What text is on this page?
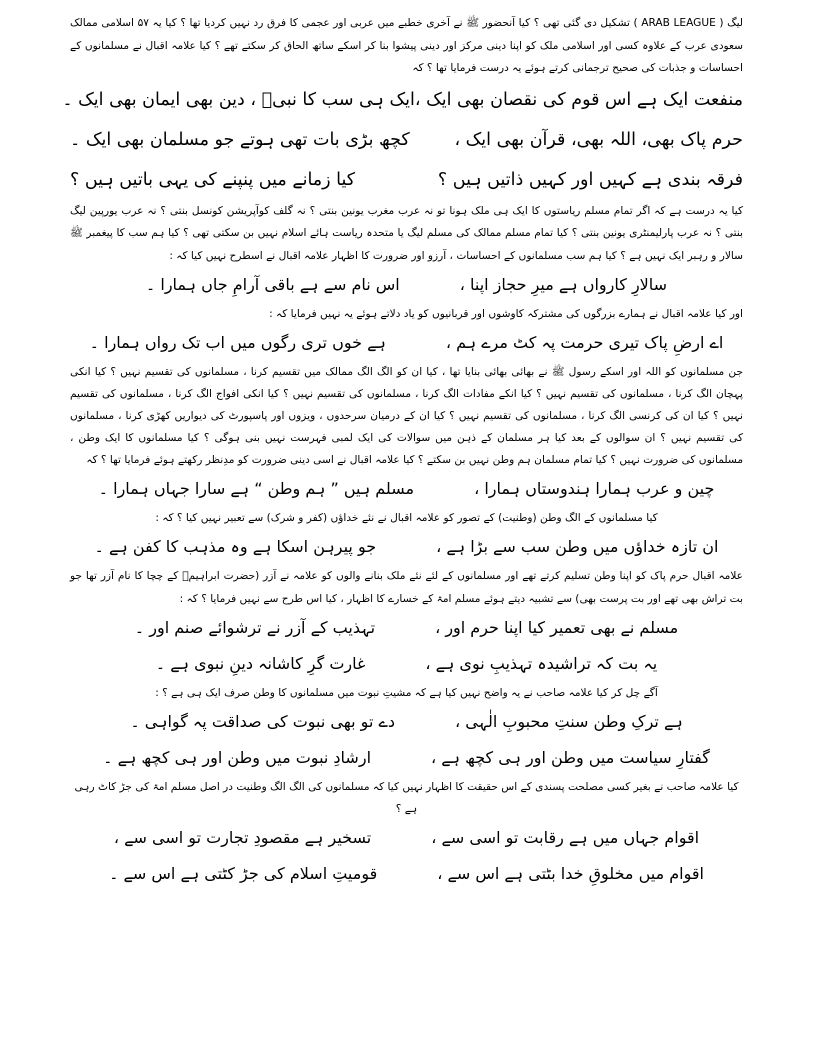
لیگ ( ARAB LEAGUE ) تشکیل دی گئی تھی ؟ کیا آنحضور ﷺ نے آخری خطبے میں عربی اور عجمی کا فرق رد نہیں کردیا تھا ؟ کیا یہ ۵۷ اسلامی ممالک سعودی عرب کے علاوہ کسی اور اسلامی ملک کو اپنا دینی مرکز اور دینی پیشوا بنا کر اسکے ساتھ الحاق کر سکتے تھے ؟ کیا علامہ اقبال نے مسلمانوں کے احساسات و جذبات کی صحیح ترجمانی کرتے ہوئے یہ درست فرمایا تھا ؟ کہ

منفعت ایک ہے اس قوم کی نقصان بھی ایک ،
ایک ہی سب کا نبیؐ ، دین بھی ایمان بھی ایک ۔
حرم پاک بھی، اللہ بھی، قرآن بھی ایک ،
کچھ بڑی بات تھی ہوتے جو مسلمان بھی ایک ۔
فرقہ بندی ہے کہیں اور کہیں ذاتیں ہیں ؟
کیا زمانے میں پنپنے کی یہی باتیں ہیں ؟

کیا یہ درست ہے کہ اگر تمام مسلم ریاستوں کا ایک ہی ملک ہونا تو نہ عرب مغرب یونین بنتی ؟ نہ گلف کوآپریشن کونسل بنتی ؟ نہ عرب یورپین لیگ بنتی ؟ نہ عرب پارلیمنٹری یونین بنتی ؟ کیا تمام مسلم ممالک کی مسلم لیگ یا متحدہ ریاست ہائے اسلام نہیں بن سکتی تھی ؟ کیا ہم سب کا پیغمبر ﷺ سالار و رہبر ایک نہیں ہے ؟ کیا ہم سب مسلمانوں کے احساسات ، آرزو اور ضرورت کا اظہار علامہ اقبال نے اسطرح نہیں کیا کہ :

سالارِ کارواں ہے میرِ حجاز اپنا ،
اس نام سے ہے باقی آرامِ جاں ہمارا ۔

اور کیا علامہ اقبال نے ہمارے بزرگوں کی مشترکہ کاوشوں اور قربانیوں کو یاد دلاتے ہوئے یہ نہیں فرمایا کہ :

اے ارضِ پاک تیری حرمت پہ کٹ مرے ہم ،
ہے خوں تری رگوں میں اب تک رواں ہمارا ۔

جن مسلمانوں کو اللہ اور اسکے رسول ﷺ نے بھائی بھائی بنایا تھا ، کیا ان کو الگ الگ ممالک میں تقسیم کرنا ، مسلمانوں کی تقسیم نہیں ؟ کیا انکی پہچان الگ کرنا ، مسلمانوں کی تقسیم نہیں ؟ کیا انکے مفادات الگ کرنا ، مسلمانوں کی تقسیم نہیں ؟ کیا انکی افواج الگ کرنا ، مسلمانوں کی تقسیم نہیں ؟ کیا ان کی کرنسی الگ کرنا ، مسلمانوں کی تقسیم نہیں ؟ کیا ان کے درمیان سرحدوں ، ویزوں اور پاسپورٹ کی دیواریں کھڑی کرنا ، مسلمانوں کی تقسیم نہیں ؟ ان سوالوں کے بعد کیا ہر مسلمان کے ذہن میں سوالات کی ایک لمبی فہرست نہیں بنی ہوگی ؟ کیا مسلمانوں کا ایک وطن ، مسلمانوں کی ضرورت نہیں ؟ کیا تمام مسلمان ہم وطن نہیں بن سکتے ؟ کیا علامہ اقبال نے اسی دینی ضرورت کو مدِنظر رکھتے ہوئے فرمایا تھا ؟ کہ

چین و عرب ہمارا ہندوستاں ہمارا ،
مسلم ہیں ” ہم وطن “ ہے سارا جہاں ہمارا ۔

کیا مسلمانوں کے الگ وطن (وطنیت) کے تصور کو علامہ اقبال نے نئے خداؤں (کفر و شرک) سے تعبیر نہیں کیا ؟ کہ :

ان تازہ خداؤں میں وطن سب سے بڑا ہے ،
جو پیرہن اسکا ہے وہ مذہب کا کفن ہے ۔

علامہ اقبال حرم پاک کو اپنا وطن تسلیم کرتے تھے اور مسلمانوں کے لئے نئے ملک بنانے والوں کو علامہ نے آزر (حضرت ابراہیمؑ کے چچا کا نام آزر تھا جو بت تراش بھی تھے اور بت پرست بھی) سے تشبیہ دیتے ہوئے مسلم امۃ کے خسارے کا اظہار ، کیا اس طرح سے نہیں فرمایا ؟ کہ :

مسلم نے بھی تعمیر کیا اپنا حرم اور ،
تہذیب کے آزر نے ترشوائے صنم اور ۔
یہ بت کہ تراشیدہ تہذیبِ نوی ہے ،
غارت گرِ کاشانہ دینِ نبوی ہے ۔

آگے چل کر کیا علامہ صاحب نے یہ واضح نہیں کیا ہے کہ مشیتِ نبوت میں مسلمانوں کا وطن صرف ایک ہی ہے ؟ :

ہے ترکِ وطن سنتِ محبوبِ الٰہی ،
دے تو بھی نبوت کی صداقت پہ گواہی ۔
گفتارِ سیاست میں وطن اور ہی کچھ ہے ،
ارشادِ نبوت میں وطن اور ہی کچھ ہے ۔

کیا علامہ صاحب نے بغیر کسی مصلحت پسندی کے اس حقیقت کا اظہار نہیں کیا کہ مسلمانوں کی الگ الگ وطنیت در اصل مسلم امۃ کی جڑ کاٹ رہی ہے ؟

اقوام جہاں میں ہے رقابت تو اسی سے ،
تسخیر ہے مقصودِ تجارت تو اسی سے ،
اقوام میں مخلوقِ خدا بٹتی ہے اس سے ،
قومیتِ اسلام کی جڑ کٹتی ہے اس سے ۔
